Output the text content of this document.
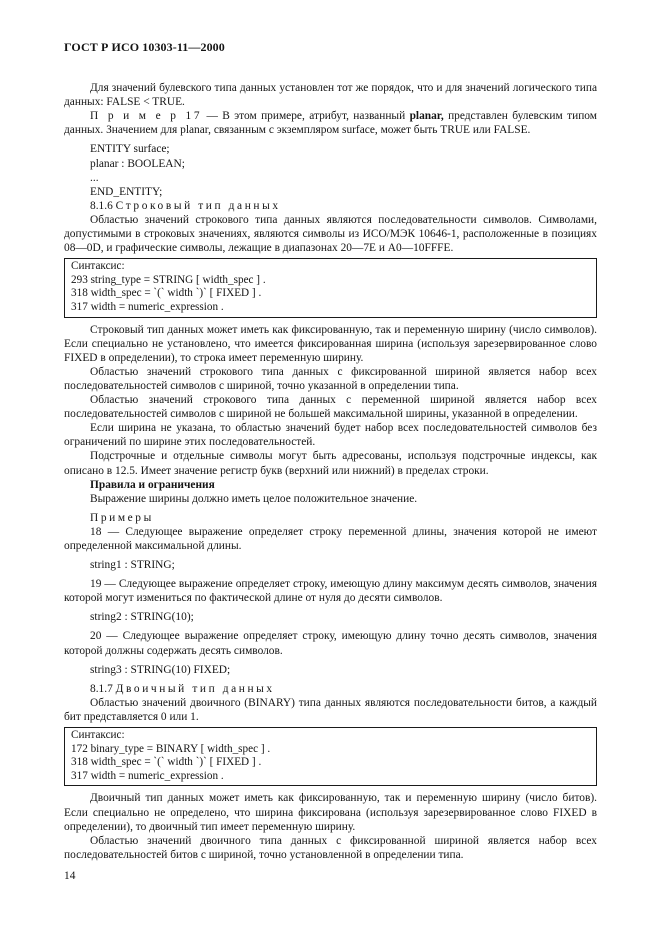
ГОСТ Р ИСО 10303-11—2000

Для значений булевского типа данных установлен тот же порядок, что и для значений логического типа данных: FALSE < TRUE.

П р и м е р 17 — В этом примере, атрибут, названный planar, представлен булевским типом данных. Значением для planar, связанным с экземпляром surface, может быть TRUE или FALSE.

ENTITY surface;
planar : BOOLEAN;
...
END_ENTITY;
8.1.6 Строковый тип данных

Областью значений строкового типа данных являются последовательности символов. Символами, допустимыми в строковых значениях, являются символы из ИСО/МЭК 10646-1, расположенные в позициях 08—0D, и графические символы, лежащие в диапазонах 20—7E и A0—10FFFE.

Синтаксис:
293 string_type = STRING [ width_spec ] .
318 width_spec = `(` width `)` [ FIXED ] .
317 width = numeric_expression .

Строковый тип данных может иметь как фиксированную, так и переменную ширину (число символов). Если специально не установлено, что имеется фиксированная ширина (используя зарезервированное слово FIXED в определении), то строка имеет переменную ширину.

Областью значений строкового типа данных с фиксированной шириной является набор всех последовательностей символов с шириной, точно указанной в определении типа.

Областью значений строкового типа данных с переменной шириной является набор всех последовательностей символов с шириной не большей максимальной ширины, указанной в определении.

Если ширина не указана, то областью значений будет набор всех последовательностей символов без ограничений по ширине этих последовательностей.

Подстрочные и отдельные символы могут быть адресованы, используя подстрочные индексы, как описано в 12.5. Имеет значение регистр букв (верхний или нижний) в пределах строки.

Правила и ограничения

Выражение ширины должно иметь целое положительное значение.

Примеры

18 — Следующее выражение определяет строку переменной длины, значения которой не имеют определенной максимальной длины.

string1 : STRING;

19 — Следующее выражение определяет строку, имеющую длину максимум десять символов, значения которой могут измениться по фактической длине от нуля до десяти символов.

string2 : STRING(10);

20 — Следующее выражение определяет строку, имеющую длину точно десять символов, значения которой должны содержать десять символов.

string3 : STRING(10) FIXED;

8.1.7 Двоичный тип данных

Областью значений двоичного (BINARY) типа данных являются последовательности битов, а каждый бит представляется 0 или 1.

Синтаксис:
172 binary_type = BINARY [ width_spec ] .
318 width_spec = `(` width `)` [ FIXED ] .
317 width = numeric_expression .

Двоичный тип данных может иметь как фиксированную, так и переменную ширину (число битов). Если специально не определено, что ширина фиксирована (используя зарезервированное слово FIXED в определении), то двоичный тип имеет переменную ширину.

Областью значений двоичного типа данных с фиксированной шириной является набор всех последовательностей битов с шириной, точно установленной в определении типа.

14
